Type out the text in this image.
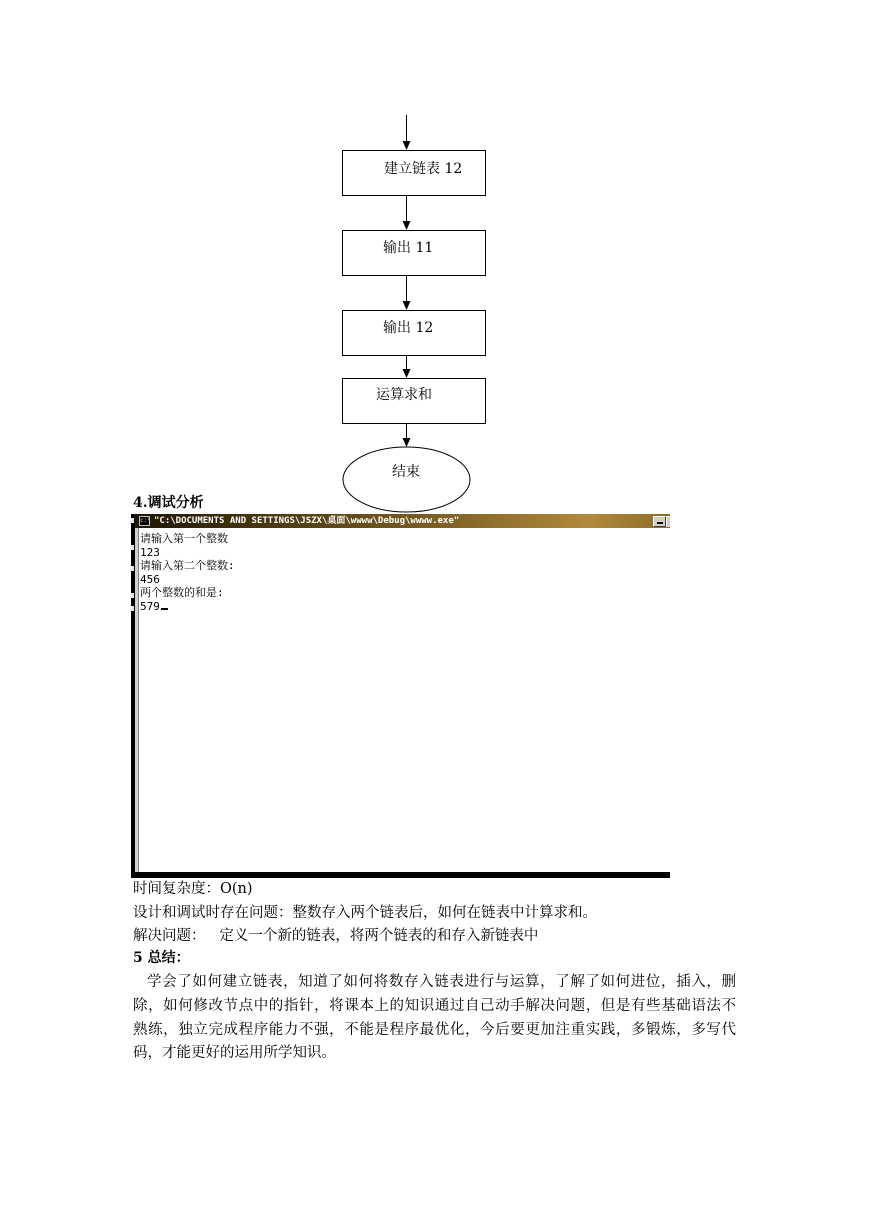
建立链表 12
输出 11
输出 12
运算求和
结束
4.调试分析

c:\

"C:\DOCUMENTS AND SETTINGS\JSZX\桌面\wwww\Debug\wwww.exe"

请输入第一个整数
123
请输入第二个整数:
456
两个整数的和是:
579
时间复杂度：O(n)
设计和调试时存在问题：整数存入两个链表后，如何在链表中计算求和。
解决问题：   定义一个新的链表，将两个链表的和存入新链表中
5 总结：
学会了如何建立链表，知道了如何将数存入链表进行与运算，了解了如何进位，插入，删
除，如何修改节点中的指针，将课本上的知识通过自己动手解决问题，但是有些基础语法不
熟练，独立完成程序能力不强，不能是程序最优化，今后要更加注重实践，多锻炼，多写代
码，才能更好的运用所学知识。
